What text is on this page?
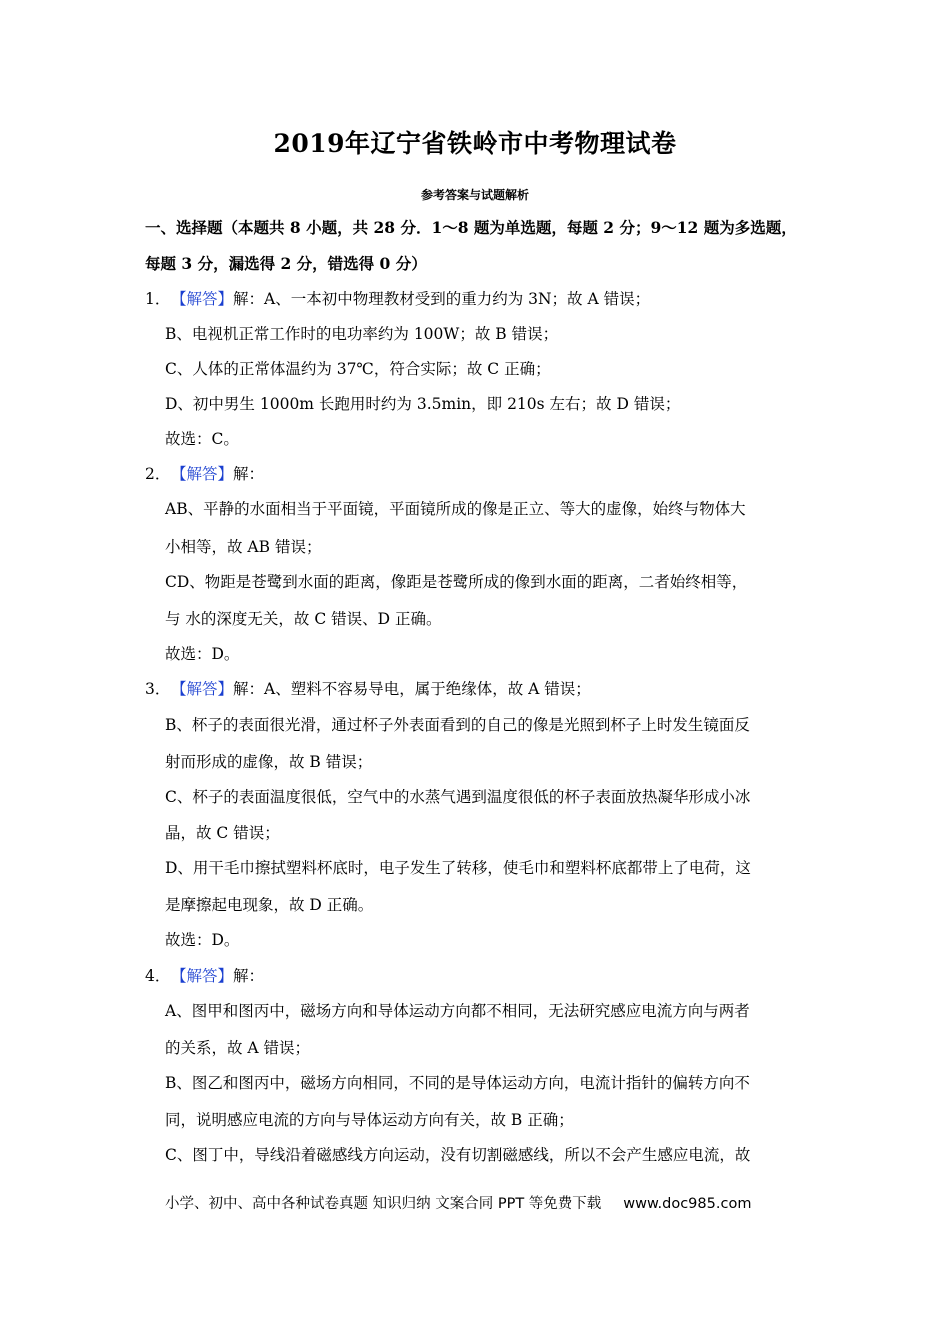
2019年辽宁省铁岭市中考物理试卷
参考答案与试题解析
一、选择题（本题共 8 小题，共 28 分．1～8 题为单选题，每题 2 分；9～12 题为多选题，
每题 3 分，漏选得 2 分，错选得 0 分）
1．【解答】解：A、一本初中物理教材受到的重力约为 3N；故 A 错误；
B、电视机正常工作时的电功率约为 100W；故 B 错误；
C、人体的正常体温约为 37℃，符合实际；故 C 正确；
D、初中男生 1000m 长跑用时约为 3.5min，即 210s 左右；故 D 错误；
故选：C。
2．【解答】解：
AB、平静的水面相当于平面镜，平面镜所成的像是正立、等大的虚像，始终与物体大
小相等，故 AB 错误；
CD、物距是苍鹭到水面的距离，像距是苍鹭所成的像到水面的距离，二者始终相等，
与 水的深度无关，故 C 错误、D 正确。
故选：D。
3．【解答】解：A、塑料不容易导电，属于绝缘体，故 A 错误；
B、杯子的表面很光滑，通过杯子外表面看到的自己的像是光照到杯子上时发生镜面反
射而形成的虚像，故 B 错误；
C、杯子的表面温度很低，空气中的水蒸气遇到温度很低的杯子表面放热凝华形成小冰
晶，故 C 错误；
D、用干毛巾擦拭塑料杯底时，电子发生了转移，使毛巾和塑料杯底都带上了电荷，这
是摩擦起电现象，故 D 正确。
故选：D。
4．【解答】解：
A、图甲和图丙中，磁场方向和导体运动方向都不相同，无法研究感应电流方向与两者
的关系，故 A 错误；
B、图乙和图丙中，磁场方向相同，不同的是导体运动方向，电流计指针的偏转方向不
同，说明感应电流的方向与导体运动方向有关，故 B 正确；
C、图丁中，导线沿着磁感线方向运动，没有切割磁感线，所以不会产生感应电流，故
小学、初中、高中各种试卷真题 知识归纳 文案合同 PPT 等免费下载 www.doc985.com
